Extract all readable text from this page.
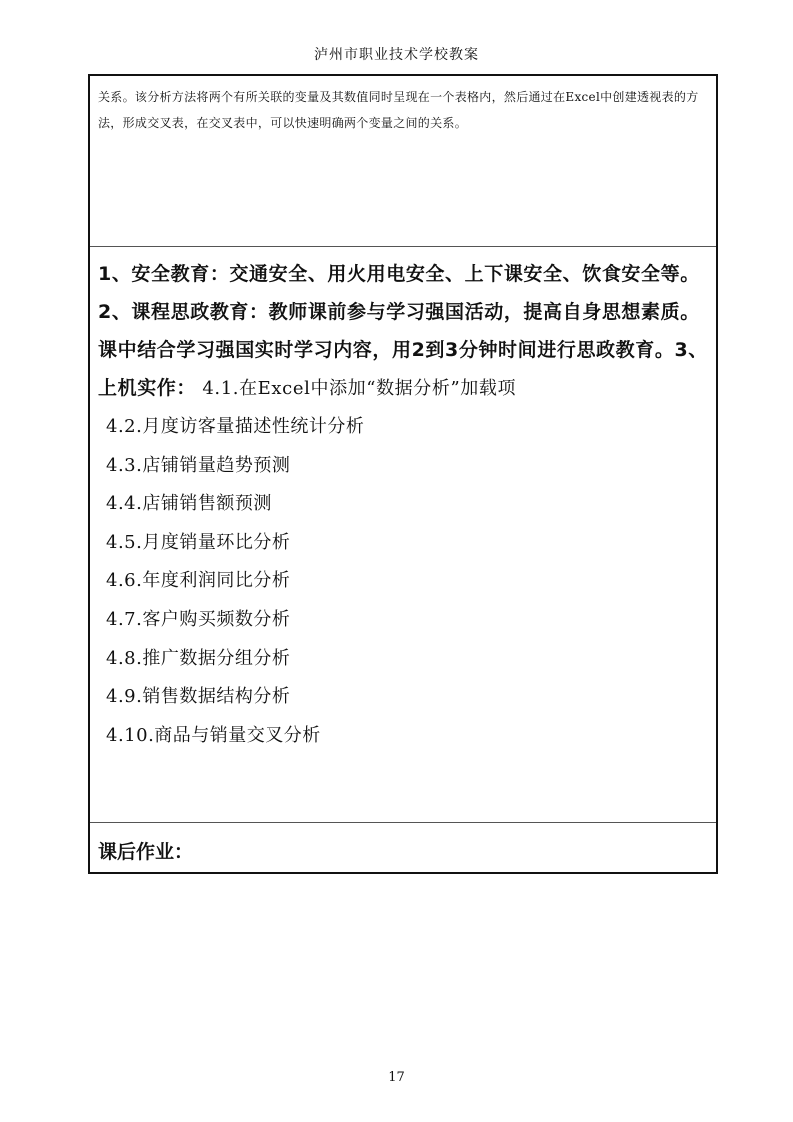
泸州市职业技术学校教案

关系。该分析方法将两个有所关联的变量及其数值同时呈现在一个表格内，然后通过在Excel中创建透视表的方法，形成交叉表，在交叉表中，可以快速明确两个变量之间的关系。

1、安全教育：交通安全、用火用电安全、上下课安全、饮食安全等。2、课程思政教育：教师课前参与学习强国活动，提高自身思想素质。课中结合学习强国实时学习内容，用2到3分钟时间进行思政教育。3、上机实作： 4.1.在Excel中添加“数据分析”加载项

4.2.月度访客量描述性统计分析
4.3.店铺销量趋势预测
4.4.店铺销售额预测
4.5.月度销量环比分析
4.6.年度利润同比分析
4.7.客户购买频数分析
4.8.推广数据分组分析
4.9.销售数据结构分析
4.10.商品与销量交叉分析
课后作业：
17
